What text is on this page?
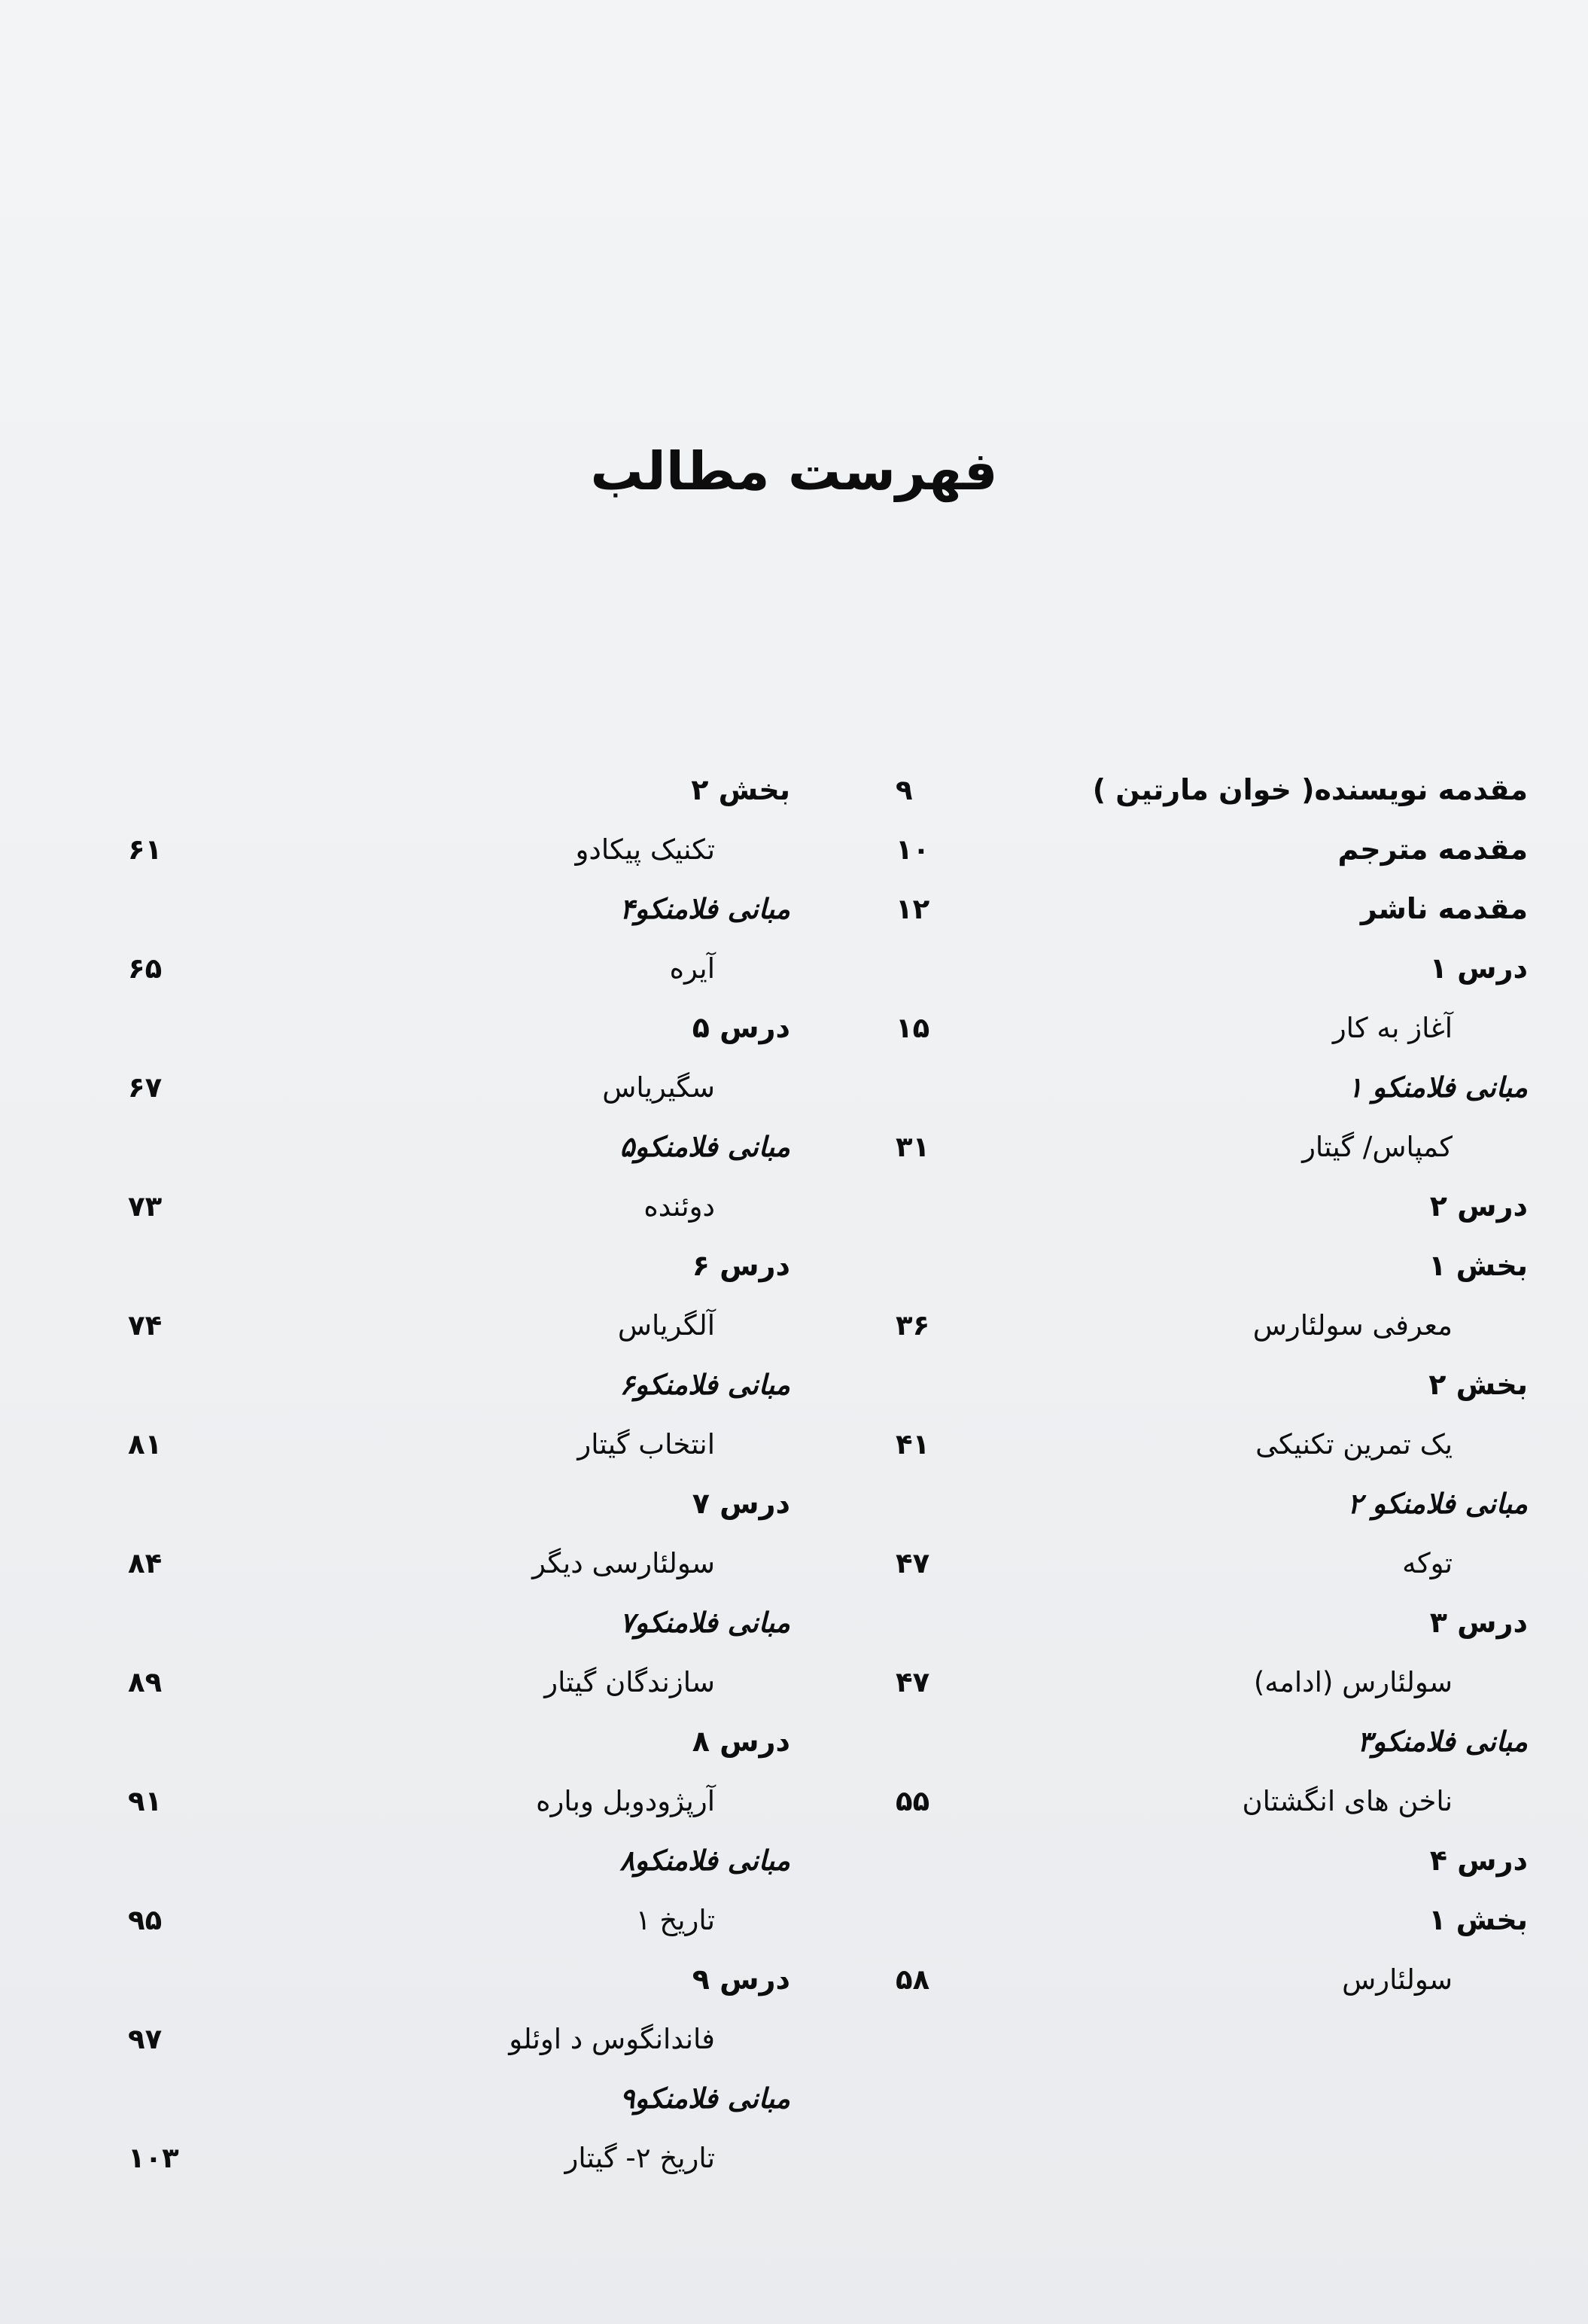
فهرست مطالب
مقدمه نویسنده( خوان مارتین )
۹
مقدمه مترجم
۱۰
مقدمه ناشر
۱۲
درس ۱
آغاز به کار
۱۵
مبانی فلامنکو ۱
کمپاس/ گیتار
۳۱
درس ۲
بخش ۱
معرفی سولئارس
۳۶
بخش ۲
یک تمرین تکنیکی
۴۱
مبانی فلامنکو ۲
توکه
۴۷
درس ۳
سولئارس (ادامه)
۴۷
مبانی فلامنکو۳
ناخن های انگشتان
۵۵
درس ۴
بخش ۱
سولئارس
۵۸
بخش ۲
تکنیک پیکادو
۶۱
مبانی فلامنکو۴
آیره
۶۵
درس ۵
سگیریاس
۶۷
مبانی فلامنکو۵
دوئنده
۷۳
درس ۶
آلگریاس
۷۴
مبانی فلامنکو۶
انتخاب گیتار
۸۱
درس ۷
سولئارسی دیگر
۸۴
مبانی فلامنکو۷
سازندگان گیتار
۸۹
درس ۸
آرپژودوبل وباره
۹۱
مبانی فلامنکو۸
تاریخ ۱
۹۵
درس ۹
فاندانگوس د اوئلو
۹۷
مبانی فلامنکو۹
تاریخ ۲- گیتار
۱۰۳
